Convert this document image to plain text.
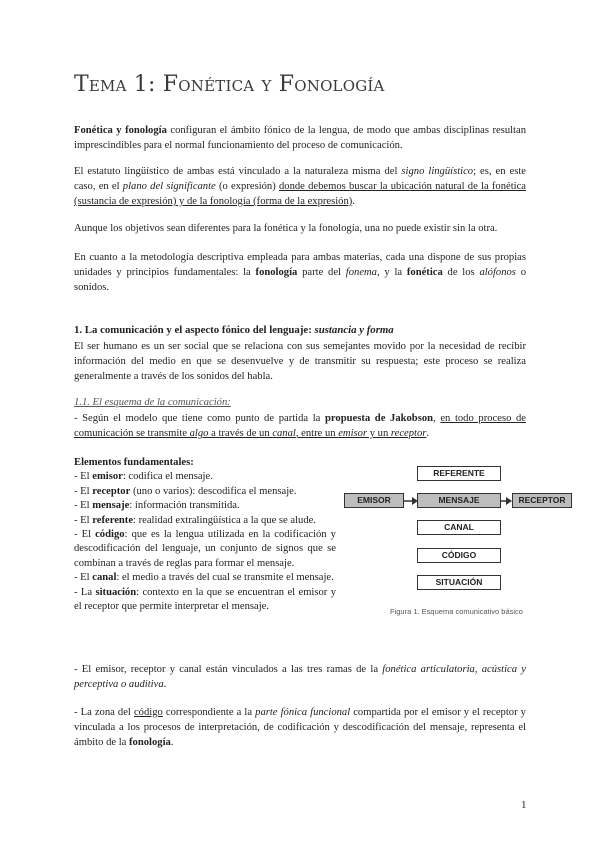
Tema 1: Fonética y Fonología
Fonética y fonología configuran el ámbito fónico de la lengua, de modo que ambas disciplinas resultan imprescindibles para el normal funcionamiento del proceso de comunicación.
El estatuto lingüístico de ambas está vinculado a la naturaleza misma del signo lingüístico; es, en este caso, en el plano del significante (o expresión) donde debemos buscar la ubicación natural de la fonética (sustancia de expresión) y de la fonología (forma de la expresión).
Aunque los objetivos sean diferentes para la fonética y la fonología, una no puede existir sin la otra.
En cuanto a la metodología descriptiva empleada para ambas materias, cada una dispone de sus propias unidades y principios fundamentales: la fonología parte del fonema, y la fonética de los alófonos o sonidos.
1. La comunicación y el aspecto fónico del lenguaje: sustancia y forma
El ser humano es un ser social que se relaciona con sus semejantes movido por la necesidad de recibir información del medio en que se desenvuelve y de transmitir su respuesta; este proceso se realiza generalmente a través de los sonidos del habla.
1.1. El esquema de la comunicación:
- Según el modelo que tiene como punto de partida la propuesta de Jakobson, en todo proceso de comunicación se transmite algo a través de un canal, entre un emisor y un receptor.
Elementos fundamentales:
- El emisor: codifica el mensaje.
- El receptor (uno o varios): descodifica el mensaje.
- El mensaje: información transmitida.
- El referente: realidad extralingüística a la que se alude.
- El código: que es la lengua utilizada en la codificación y descodificación del lenguaje, un conjunto de signos que se combinan a través de reglas para formar el mensaje.
- El canal: el medio a través del cual se transmite el mensaje.
- La situación: contexto en la que se encuentran el emisor y el receptor que permite interpretar el mensaje.
REFERENTE
EMISOR	MENSAJE	RECEPTOR
CANAL
CÓDIGO
SITUACIÓN
Figura 1. Esquema comunicativo básico
- El emisor, receptor y canal están vinculados a las tres ramas de la fonética articulatoria, acústica y perceptiva o auditiva.
- La zona del código correspondiente a la parte fónica funcional compartida por el emisor y el receptor y vinculada a los procesos de interpretación, de codificación y descodificación del mensaje, representa el ámbito de la fonología.
1
